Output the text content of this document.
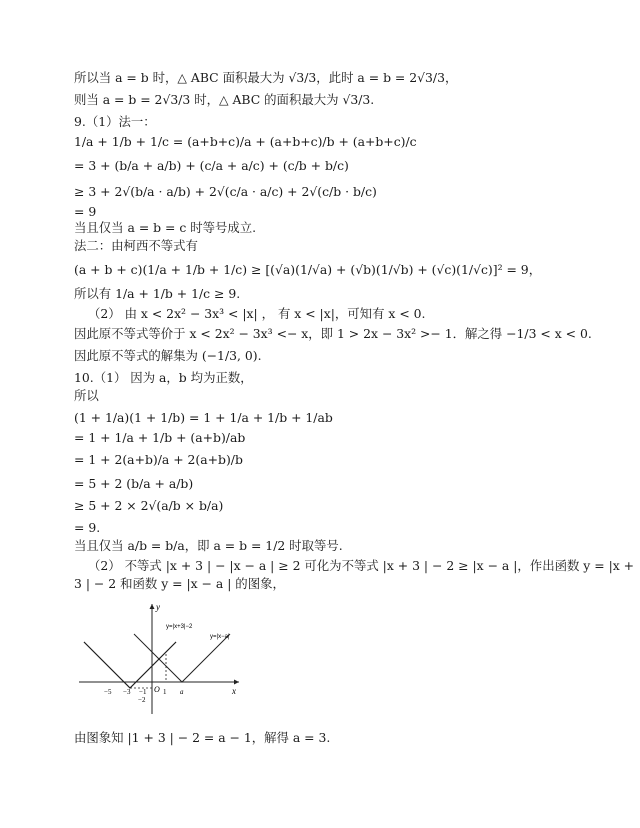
所以当 a = b 时，△ ABC 面积最大为 √3/3，此时 a = b = 2√3/3，
则当 a = b = 2√3/3 时，△ ABC 的面积最大为 √3/3.
9.（1）法一：
1/a + 1/b + 1/c = (a+b+c)/a + (a+b+c)/b + (a+b+c)/c
= 3 + (b/a + a/b) + (c/a + a/c) + (c/b + b/c)
≥ 3 + 2√(b/a · a/b) + 2√(c/a · a/c) + 2√(c/b · b/c)
= 9
当且仅当 a = b = c 时等号成立.
法二：由柯西不等式有
(a + b + c)(1/a + 1/b + 1/c) ≥ [(√a)(1/√a) + (√b)(1/√b) + (√c)(1/√c)]² = 9，
所以有 1/a + 1/b + 1/c ≥ 9.
（2） 由 x < 2x² − 3x³ < |x| ， 有 x < |x|，可知有 x < 0.
因此原不等式等价于 x < 2x² − 3x³ <− x，即 1 > 2x − 3x² >− 1．解之得 −1/3 < x < 0.
因此原不等式的解集为 (−1/3, 0).
10.（1） 因为 a，b 均为正数，
所以
(1 + 1/a)(1 + 1/b) = 1 + 1/a + 1/b + 1/ab
= 1 + 1/a + 1/b + (a+b)/ab
= 1 + 2(a+b)/a + 2(a+b)/b
= 5 + 2 (b/a + a/b)
≥ 5 + 2 × 2√(a/b × b/a)
= 9.
当且仅当 a/b = b/a，即 a = b = 1/2 时取等号.
（2） 不等式 |x + 3 | − |x − a | ≥ 2 可化为不等式 |x + 3 | − 2 ≥ |x − a |，作出函数 y = |x +
3 | − 2 和函数 y = |x − a | 的图象，
由图象知 |1 + 3 | − 2 = a − 1，解得 a = 3.
y
x
O
y=|x+3|−2
y=|x−a|
−5 −3 −1 1 a
−2
